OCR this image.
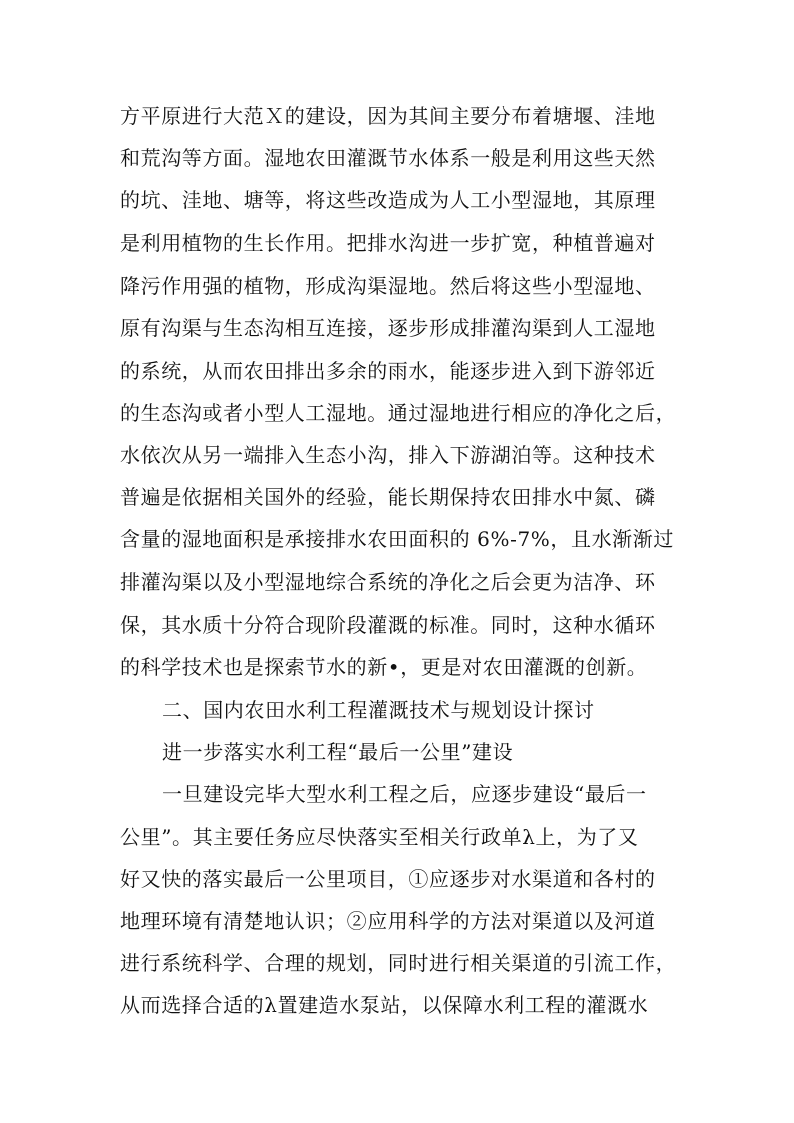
方平原进行大范Ｘ的建设，因为其间主要分布着塘堰、洼地
和荒沟等方面。湿地农田灌溉节水体系一般是利用这些天然
的坑、洼地、塘等，将这些改造成为人工小型湿地，其原理
是利用植物的生长作用。把排水沟进一步扩宽，种植普遍对
降污作用强的植物，形成沟渠湿地。然后将这些小型湿地、
原有沟渠与生态沟相互连接，逐步形成排灌沟渠到人工湿地
的系统，从而农田排出多余的雨水，能逐步进入到下游邻近
的生态沟或者小型人工湿地。通过湿地进行相应的净化之后，
水依次从另一端排入生态小沟，排入下游湖泊等。这种技术
普遍是依据相关国外的经验，能长期保持农田排水中氮、磷
含量的湿地面积是承接排水农田面积的 6%-7%，且水渐渐过
排灌沟渠以及小型湿地综合系统的净化之后会更为洁净、环
保，其水质十分符合现阶段灌溉的标准。同时，这种水循环
的科学技术也是探索节水的新•，更是对农田灌溉的创新。
二、国内农田水利工程灌溉技术与规划设计探讨
进一步落实水利工程“最后一公里”建设
一旦建设完毕大型水利工程之后，应逐步建设“最后一
公里”。其主要任务应尽快落实至相关行政单λ上，为了又
好又快的落实最后一公里项目，①应逐步对水渠道和各村的
地理环境有清楚地认识；②应用科学的方法对渠道以及河道
进行系统科学、合理的规划，同时进行相关渠道的引流工作，
从而选择合适的λ置建造水泵站，以保障水利工程的灌溉水
